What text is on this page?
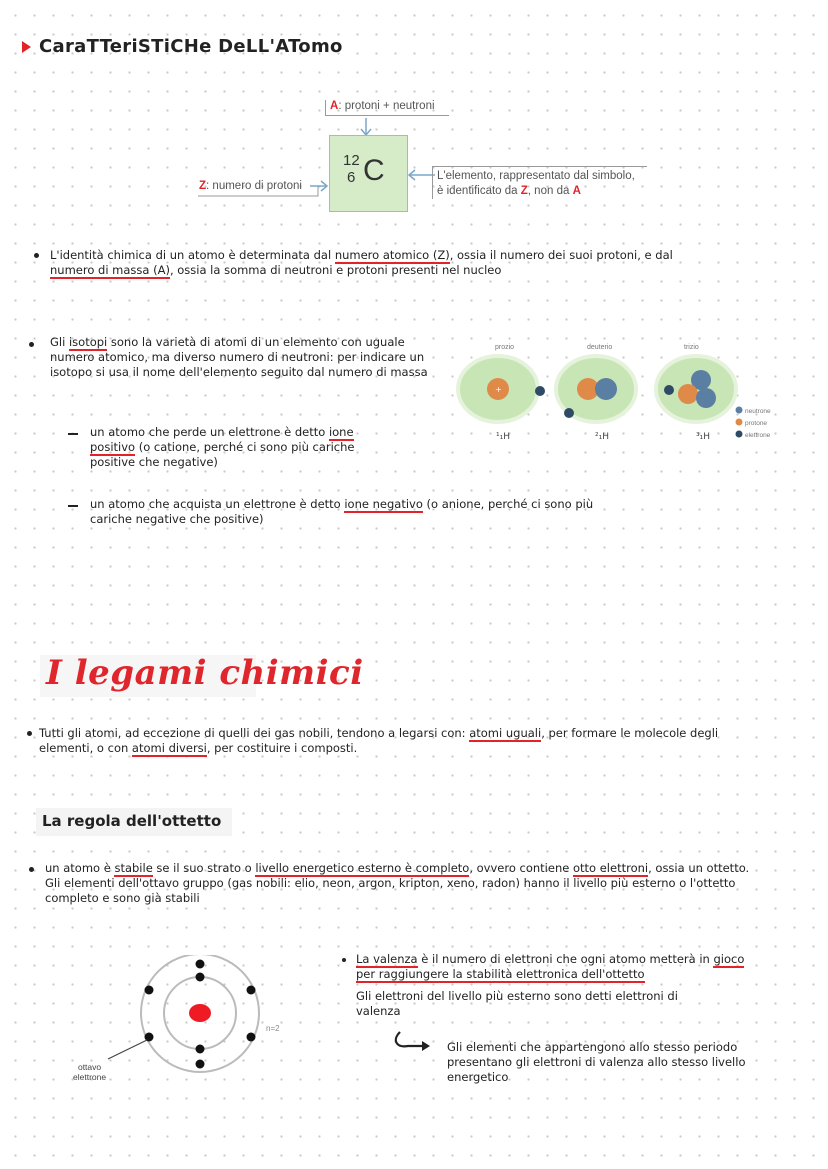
CaraTTeriSTiCHe DeLL'ATomo
A: protoni + neutroni
12
6 C
Z: numero di protoni
L'elemento, rappresentato dal simbolo,
è identificato da Z, non da A
L'identità chimica di un atomo è determinata dal numero atomico (Z), ossia il numero dei suoi protoni, e dal
numero di massa (A), ossia la somma di neutroni e protoni presenti nel nucleo
Gli isotopi sono la varietà di atomi di un elemento con uguale numero atomico, ma diverso numero di neutroni: per indicare un isotopo si usa il nome dell'elemento seguito dal numero di massa
prozio	deuterio	trizio
+
¹₁H	²₁H	³₁H
neutrone
protone
elettrone
un atomo che perde un elettrone è detto ione positivo (o catione, perché ci sono più cariche positive che negative)
un atomo che acquista un elettrone è detto ione negativo (o anione, perché ci sono più cariche negative che positive)
I legami chimici
Tutti gli atomi, ad eccezione di quelli dei gas nobili, tendono a legarsi con: atomi uguali, per formare le molecole degli elementi, o con atomi diversi, per costituire i composti.
La regola dell'ottetto
un atomo è stabile se il suo strato o livello energetico esterno è completo, ovvero contiene otto elettroni, ossia un ottetto. Gli elementi dell'ottavo gruppo (gas nobili: elio, neon, argon, kripton, xeno, radon) hanno il livello più esterno o l'ottetto completo e sono già stabili
n=2
ottavo
elettrone
La valenza è il numero di elettroni che ogni atomo metterà in gioco per raggiungere la stabilità elettronica dell'ottetto
Gli elettroni del livello più esterno sono detti elettroni di valenza
Gli elementi che appartengono allo stesso periodo presentano gli elettroni di valenza allo stesso livello energetico
